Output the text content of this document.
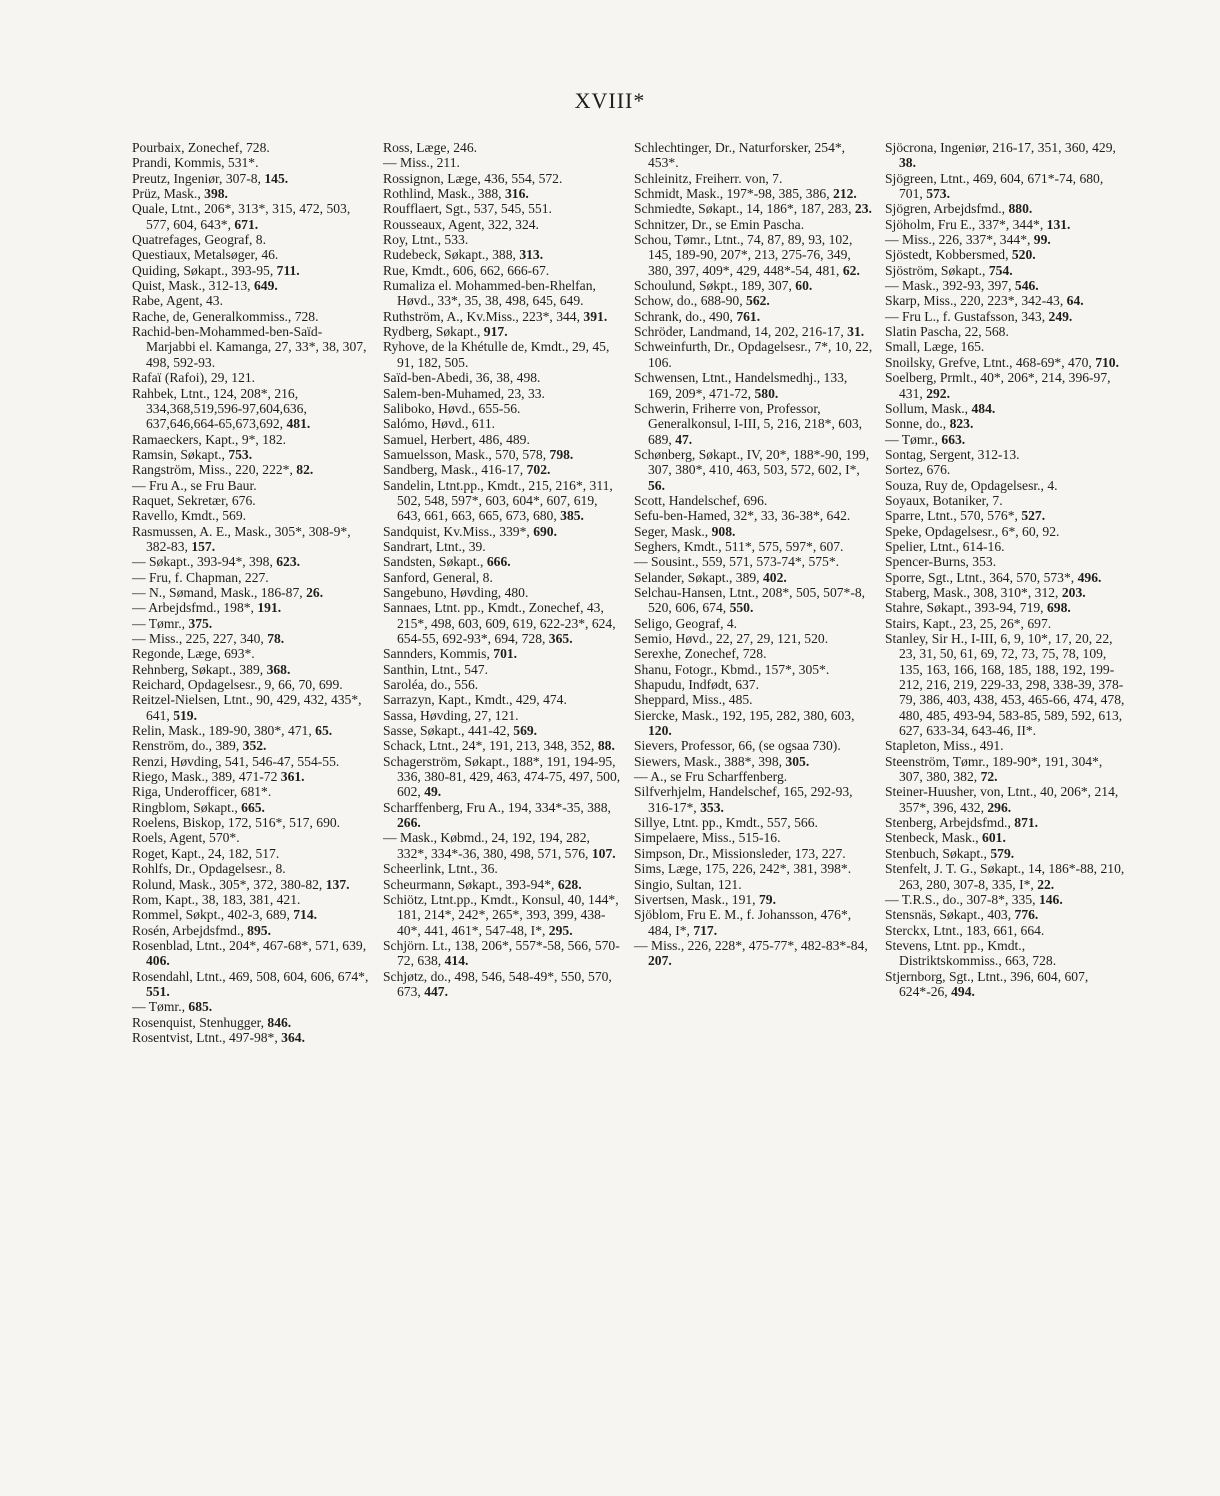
XVIII*

Pourbaix, Zonechef, 728.

Prandi, Kommis, 531*.

Preutz, Ingeniør, 307-8, 145.

Prüz, Mask., 398.

Quale, Ltnt., 206*, 313*, 315, 472, 503, 577, 604, 643*, 671.

Quatrefages, Geograf, 8.

Questiaux, Metalsøger, 46.

Quiding, Søkapt., 393-95, 711.

Quist, Mask., 312-13, 649.

Rabe, Agent, 43.

Rache, de, Generalkommiss., 728.

Rachid-ben-Mohammed-ben-Saïd-Marjabbi el. Kamanga, 27, 33*, 38, 307, 498, 592-93.

Rafaï (Rafoi), 29, 121.

Rahbek, Ltnt., 124, 208*, 216, 334,368,519,596-97,604,636, 637,646,664-65,673,692, 481.

Ramaeckers, Kapt., 9*, 182.

Ramsin, Søkapt., 753.

Rangström, Miss., 220, 222*, 82.

— Fru A., se Fru Baur.

Raquet, Sekretær, 676.

Ravello, Kmdt., 569.

Rasmussen, A. E., Mask., 305*, 308-9*, 382-83, 157.

— Søkapt., 393-94*, 398, 623.

— Fru, f. Chapman, 227.

— N., Sømand, Mask., 186-87, 26.

— Arbejdsfmd., 198*, 191.

— Tømr., 375.

— Miss., 225, 227, 340, 78.

Regonde, Læge, 693*.

Rehnberg, Søkapt., 389, 368.

Reichard, Opdagelsesr., 9, 66, 70, 699.

Reitzel-Nielsen, Ltnt., 90, 429, 432, 435*, 641, 519.

Relin, Mask., 189-90, 380*, 471, 65.

Renström, do., 389, 352.

Renzi, Høvding, 541, 546-47, 554-55.

Riego, Mask., 389, 471-72 361.

Riga, Underofficer, 681*.

Ringblom, Søkapt., 665.

Roelens, Biskop, 172, 516*, 517, 690.

Roels, Agent, 570*.

Roget, Kapt., 24, 182, 517.

Rohlfs, Dr., Opdagelsesr., 8.

Rolund, Mask., 305*, 372, 380-82, 137.

Rom, Kapt., 38, 183, 381, 421.

Rommel, Søkpt., 402-3, 689, 714.

Rosén, Arbejdsfmd., 895.

Rosenblad, Ltnt., 204*, 467-68*, 571, 639, 406.

Rosendahl, Ltnt., 469, 508, 604, 606, 674*, 551.

— Tømr., 685.

Rosenquist, Stenhugger, 846.

Rosentvist, Ltnt., 497-98*, 364.

Ross, Læge, 246.

— Miss., 211.

Rossignon, Læge, 436, 554, 572.

Rothlind, Mask., 388, 316.

Roufflaert, Sgt., 537, 545, 551.

Rousseaux, Agent, 322, 324.

Roy, Ltnt., 533.

Rudebeck, Søkapt., 388, 313.

Rue, Kmdt., 606, 662, 666-67.

Rumaliza el. Mohammed-ben-Rhelfan, Høvd., 33*, 35, 38, 498, 645, 649.

Ruthström, A., Kv.Miss., 223*, 344, 391.

Rydberg, Søkapt., 917.

Ryhove, de la Khétulle de, Kmdt., 29, 45, 91, 182, 505.

Saïd-ben-Abedi, 36, 38, 498.

Salem-ben-Muhamed, 23, 33.

Saliboko, Høvd., 655-56.

Salómo, Høvd., 611.

Samuel, Herbert, 486, 489.

Samuelsson, Mask., 570, 578, 798.

Sandberg, Mask., 416-17, 702.

Sandelin, Ltnt.pp., Kmdt., 215, 216*, 311, 502, 548, 597*, 603, 604*, 607, 619, 643, 661, 663, 665, 673, 680, 385.

Sandquist, Kv.Miss., 339*, 690.

Sandrart, Ltnt., 39.

Sandsten, Søkapt., 666.

Sanford, General, 8.

Sangebuno, Høvding, 480.

Sannaes, Ltnt. pp., Kmdt., Zonechef, 43, 215*, 498, 603, 609, 619, 622-23*, 624, 654-55, 692-93*, 694, 728, 365.

Sannders, Kommis, 701.

Santhin, Ltnt., 547.

Saroléa, do., 556.

Sarrazyn, Kapt., Kmdt., 429, 474.

Sassa, Høvding, 27, 121.

Sasse, Søkapt., 441-42, 569.

Schack, Ltnt., 24*, 191, 213, 348, 352, 88.

Schagerström, Søkapt., 188*, 191, 194-95, 336, 380-81, 429, 463, 474-75, 497, 500, 602, 49.

Scharffenberg, Fru A., 194, 334*-35, 388, 266.

— Mask., Købmd., 24, 192, 194, 282, 332*, 334*-36, 380, 498, 571, 576, 107.

Scheerlink, Ltnt., 36.

Scheurmann, Søkapt., 393-94*, 628.

Schiötz, Ltnt.pp., Kmdt., Konsul, 40, 144*, 181, 214*, 242*, 265*, 393, 399, 438-40*, 441, 461*, 547-48, I*, 295.

Schjörn. Lt., 138, 206*, 557*-58, 566, 570-72, 638, 414.

Schjøtz, do., 498, 546, 548-49*, 550, 570, 673, 447.

Schlechtinger, Dr., Naturforsker, 254*, 453*.

Schleinitz, Freiherr. von, 7.

Schmidt, Mask., 197*-98, 385, 386, 212.

Schmiedte, Søkapt., 14, 186*, 187, 283, 23.

Schnitzer, Dr., se Emin Pascha.

Schou, Tømr., Ltnt., 74, 87, 89, 93, 102, 145, 189-90, 207*, 213, 275-76, 349, 380, 397, 409*, 429, 448*-54, 481, 62.

Schoulund, Søkpt., 189, 307, 60.

Schow, do., 688-90, 562.

Schrank, do., 490, 761.

Schröder, Landmand, 14, 202, 216-17, 31.

Schweinfurth, Dr., Opdagelsesr., 7*, 10, 22, 106.

Schwensen, Ltnt., Handelsmedhj., 133, 169, 209*, 471-72, 580.

Schwerin, Friherre von, Professor, Generalkonsul, I-III, 5, 216, 218*, 603, 689, 47.

Schønberg, Søkapt., IV, 20*, 188*-90, 199, 307, 380*, 410, 463, 503, 572, 602, I*, 56.

Scott, Handelschef, 696.

Sefu-ben-Hamed, 32*, 33, 36-38*, 642.

Seger, Mask., 908.

Seghers, Kmdt., 511*, 575, 597*, 607.

— Sousint., 559, 571, 573-74*, 575*.

Selander, Søkapt., 389, 402.

Selchau-Hansen, Ltnt., 208*, 505, 507*-8, 520, 606, 674, 550.

Seligo, Geograf, 4.

Semio, Høvd., 22, 27, 29, 121, 520.

Serexhe, Zonechef, 728.

Shanu, Fotogr., Kbmd., 157*, 305*.

Shapudu, Indfødt, 637.

Sheppard, Miss., 485.

Siercke, Mask., 192, 195, 282, 380, 603, 120.

Sievers, Professor, 66, (se ogsaa 730).

Siewers, Mask., 388*, 398, 305.

— A., se Fru Scharffenberg.

Silfverhjelm, Handelschef, 165, 292-93, 316-17*, 353.

Sillye, Ltnt. pp., Kmdt., 557, 566.

Simpelaere, Miss., 515-16.

Simpson, Dr., Missionsleder, 173, 227.

Sims, Læge, 175, 226, 242*, 381, 398*.

Singio, Sultan, 121.

Sivertsen, Mask., 191, 79.

Sjöblom, Fru E. M., f. Johansson, 476*, 484, I*, 717.

— Miss., 226, 228*, 475-77*, 482-83*-84, 207.

Sjöcrona, Ingeniør, 216-17, 351, 360, 429, 38.

Sjögreen, Ltnt., 469, 604, 671*-74, 680, 701, 573.

Sjögren, Arbejdsfmd., 880.

Sjöholm, Fru E., 337*, 344*, 131.

— Miss., 226, 337*, 344*, 99.

Sjöstedt, Kobbersmed, 520.

Sjöström, Søkapt., 754.

— Mask., 392-93, 397, 546.

Skarp, Miss., 220, 223*, 342-43, 64.

— Fru L., f. Gustafsson, 343, 249.

Slatin Pascha, 22, 568.

Small, Læge, 165.

Snoilsky, Grefve, Ltnt., 468-69*, 470, 710.

Soelberg, Prmlt., 40*, 206*, 214, 396-97, 431, 292.

Sollum, Mask., 484.

Sonne, do., 823.

— Tømr., 663.

Sontag, Sergent, 312-13.

Sortez, 676.

Souza, Ruy de, Opdagelsesr., 4.

Soyaux, Botaniker, 7.

Sparre, Ltnt., 570, 576*, 527.

Speke, Opdagelsesr., 6*, 60, 92.

Spelier, Ltnt., 614-16.

Spencer-Burns, 353.

Sporre, Sgt., Ltnt., 364, 570, 573*, 496.

Staberg, Mask., 308, 310*, 312, 203.

Stahre, Søkapt., 393-94, 719, 698.

Stairs, Kapt., 23, 25, 26*, 697.

Stanley, Sir H., I-III, 6, 9, 10*, 17, 20, 22, 23, 31, 50, 61, 69, 72, 73, 75, 78, 109, 135, 163, 166, 168, 185, 188, 192, 199-212, 216, 219, 229-33, 298, 338-39, 378-79, 386, 403, 438, 453, 465-66, 474, 478, 480, 485, 493-94, 583-85, 589, 592, 613, 627, 633-34, 643-46, II*.

Stapleton, Miss., 491.

Steenström, Tømr., 189-90*, 191, 304*, 307, 380, 382, 72.

Steiner-Huusher, von, Ltnt., 40, 206*, 214, 357*, 396, 432, 296.

Stenberg, Arbejdsfmd., 871.

Stenbeck, Mask., 601.

Stenbuch, Søkapt., 579.

Stenfelt, J. T. G., Søkapt., 14, 186*-88, 210, 263, 280, 307-8, 335, I*, 22.

— T.R.S., do., 307-8*, 335, 146.

Stensnäs, Søkapt., 403, 776.

Sterckx, Ltnt., 183, 661, 664.

Stevens, Ltnt. pp., Kmdt., Distriktskommiss., 663, 728.

Stjernborg, Sgt., Ltnt., 396, 604, 607, 624*-26, 494.
